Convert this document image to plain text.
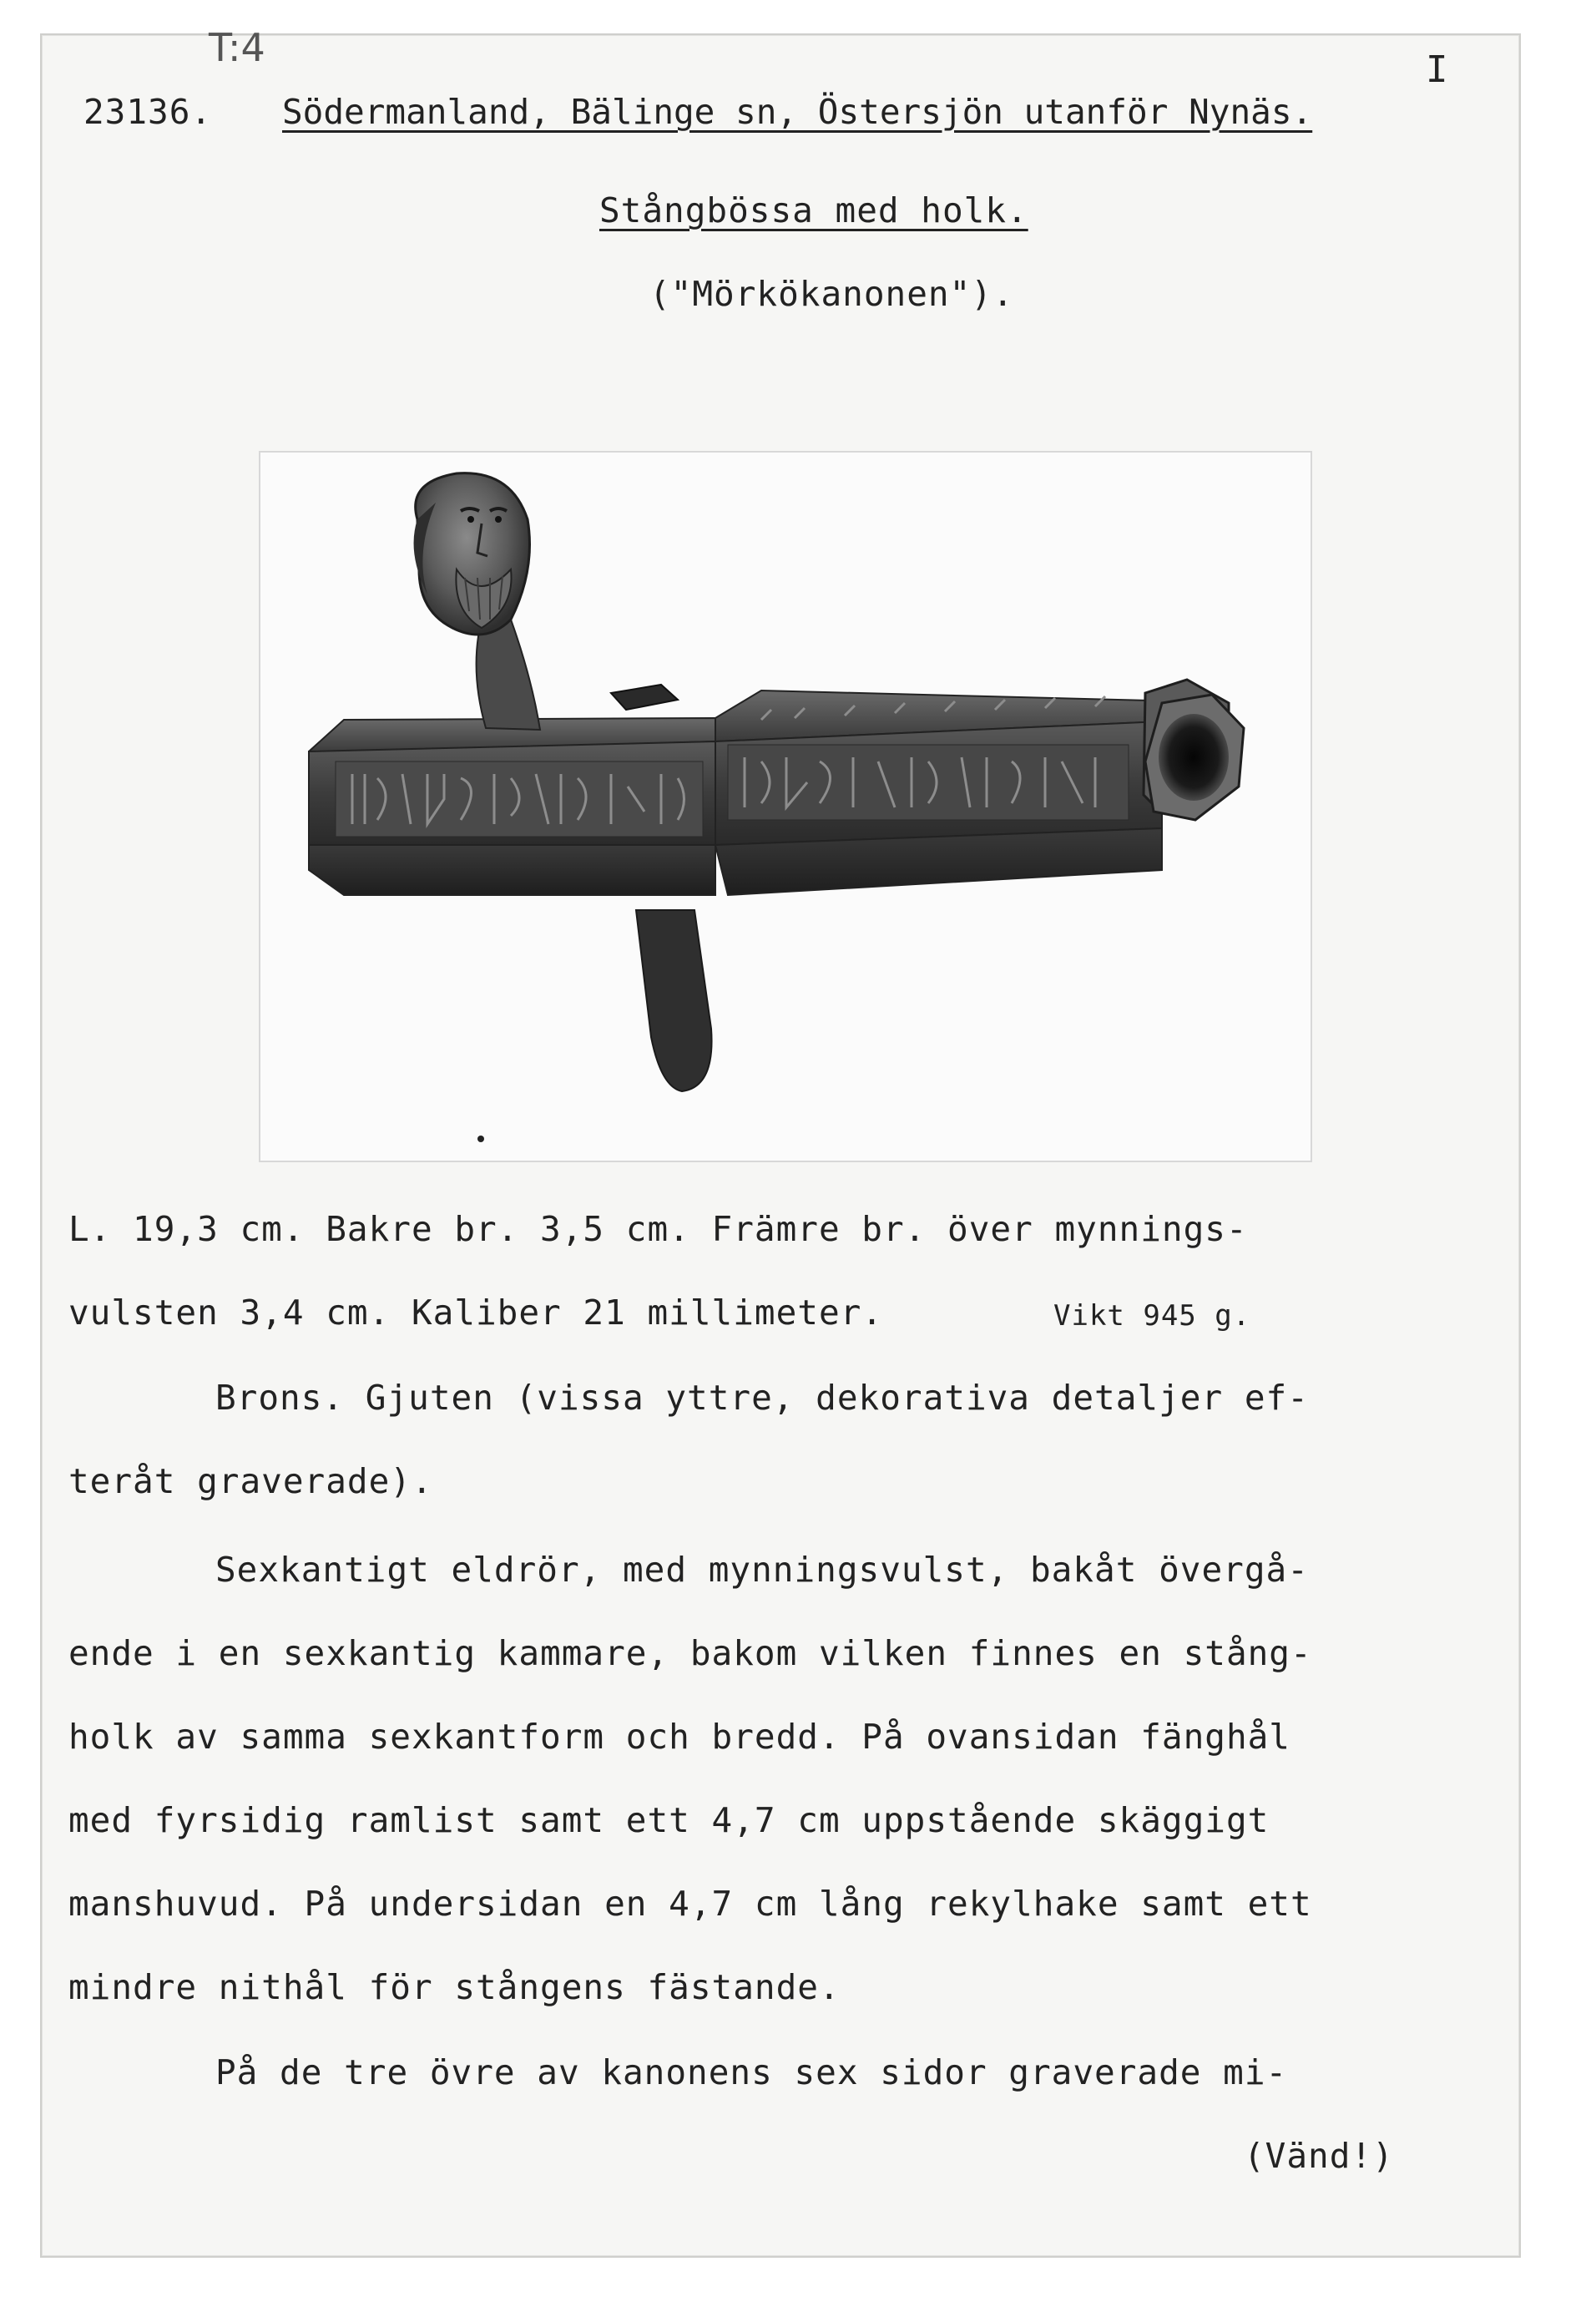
T:4	I
23136. Södermanland, Bälinge sn, Östersjön utanför Nynäs.
Stångbössa med holk.
("Mörkökanonen").
L. 19,3 cm. Bakre br. 3,5 cm. Främre br. över mynnings-
vulsten 3,4 cm. Kaliber 21 millimeter.	Vikt 945 g.
Brons. Gjuten (vissa yttre, dekorativa detaljer ef-
teråt graverade).
Sexkantigt eldrör, med mynningsvulst, bakåt övergå-
ende i en sexkantig kammare, bakom vilken finnes en stång-
holk av samma sexkantform och bredd. På ovansidan fänghål
med fyrsidig ramlist samt ett 4,7 cm uppstående skäggigt
manshuvud. På undersidan en 4,7 cm lång rekylhake samt ett
mindre nithål för stångens fästande.
På de tre övre av kanonens sex sidor graverade mi-
(Vänd!)
